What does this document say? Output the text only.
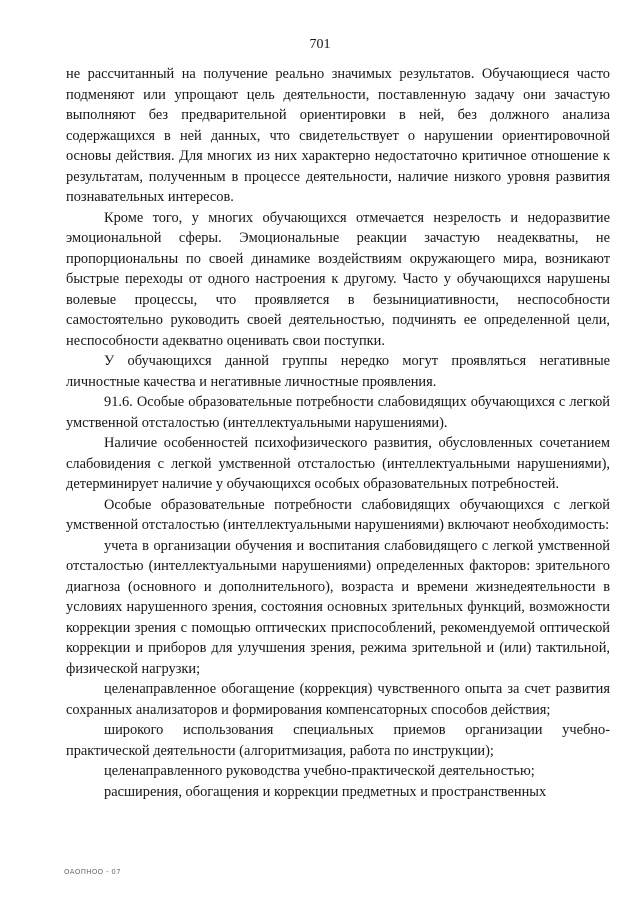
701

не рассчитанный на получение реально значимых результатов. Обучающиеся часто подменяют или упрощают цель деятельности, поставленную задачу они зачастую выполняют без предварительной ориентировки в ней, без должного анализа содержащихся в ней данных, что свидетельствует о нарушении ориентировочной основы действия. Для многих из них характерно недостаточно критичное отношение к результатам, полученным в процессе деятельности, наличие низкого уровня развития познавательных интересов.

Кроме того, у многих обучающихся отмечается незрелость и недоразвитие эмоциональной сферы. Эмоциональные реакции зачастую неадекватны, не пропорциональны по своей динамике воздействиям окружающего мира, возникают быстрые переходы от одного настроения к другому. Часто у обучающихся нарушены волевые процессы, что проявляется в безынициативности, неспособности самостоятельно руководить своей деятельностью, подчинять ее определенной цели, неспособности адекватно оценивать свои поступки.

У обучающихся данной группы нередко могут проявляться негативные личностные качества и негативные личностные проявления.

91.6. Особые образовательные потребности слабовидящих обучающихся с легкой умственной отсталостью (интеллектуальными нарушениями).

Наличие особенностей психофизического развития, обусловленных сочетанием слабовидения с легкой умственной отсталостью (интеллектуальными нарушениями), детерминирует наличие у обучающихся особых образовательных потребностей.

Особые образовательные потребности слабовидящих обучающихся с легкой умственной отсталостью (интеллектуальными нарушениями) включают необходимость:

учета в организации обучения и воспитания слабовидящего с легкой умственной отсталостью (интеллектуальными нарушениями) определенных факторов: зрительного диагноза (основного и дополнительного), возраста и времени жизнедеятельности в условиях нарушенного зрения, состояния основных зрительных функций, возможности коррекции зрения с помощью оптических приспособлений, рекомендуемой оптической коррекции и приборов для улучшения зрения, режима зрительной и (или) тактильной, физической нагрузки;

целенаправленное обогащение (коррекция) чувственного опыта за счет развития сохранных анализаторов и формирования компенсаторных способов действия;

широкого использования специальных приемов организации учебно-практической деятельности (алгоритмизация, работа по инструкции);

целенаправленного руководства учебно-практической деятельностью;

расширения, обогащения и коррекции предметных и пространственных

ОАОПНОО - 07
